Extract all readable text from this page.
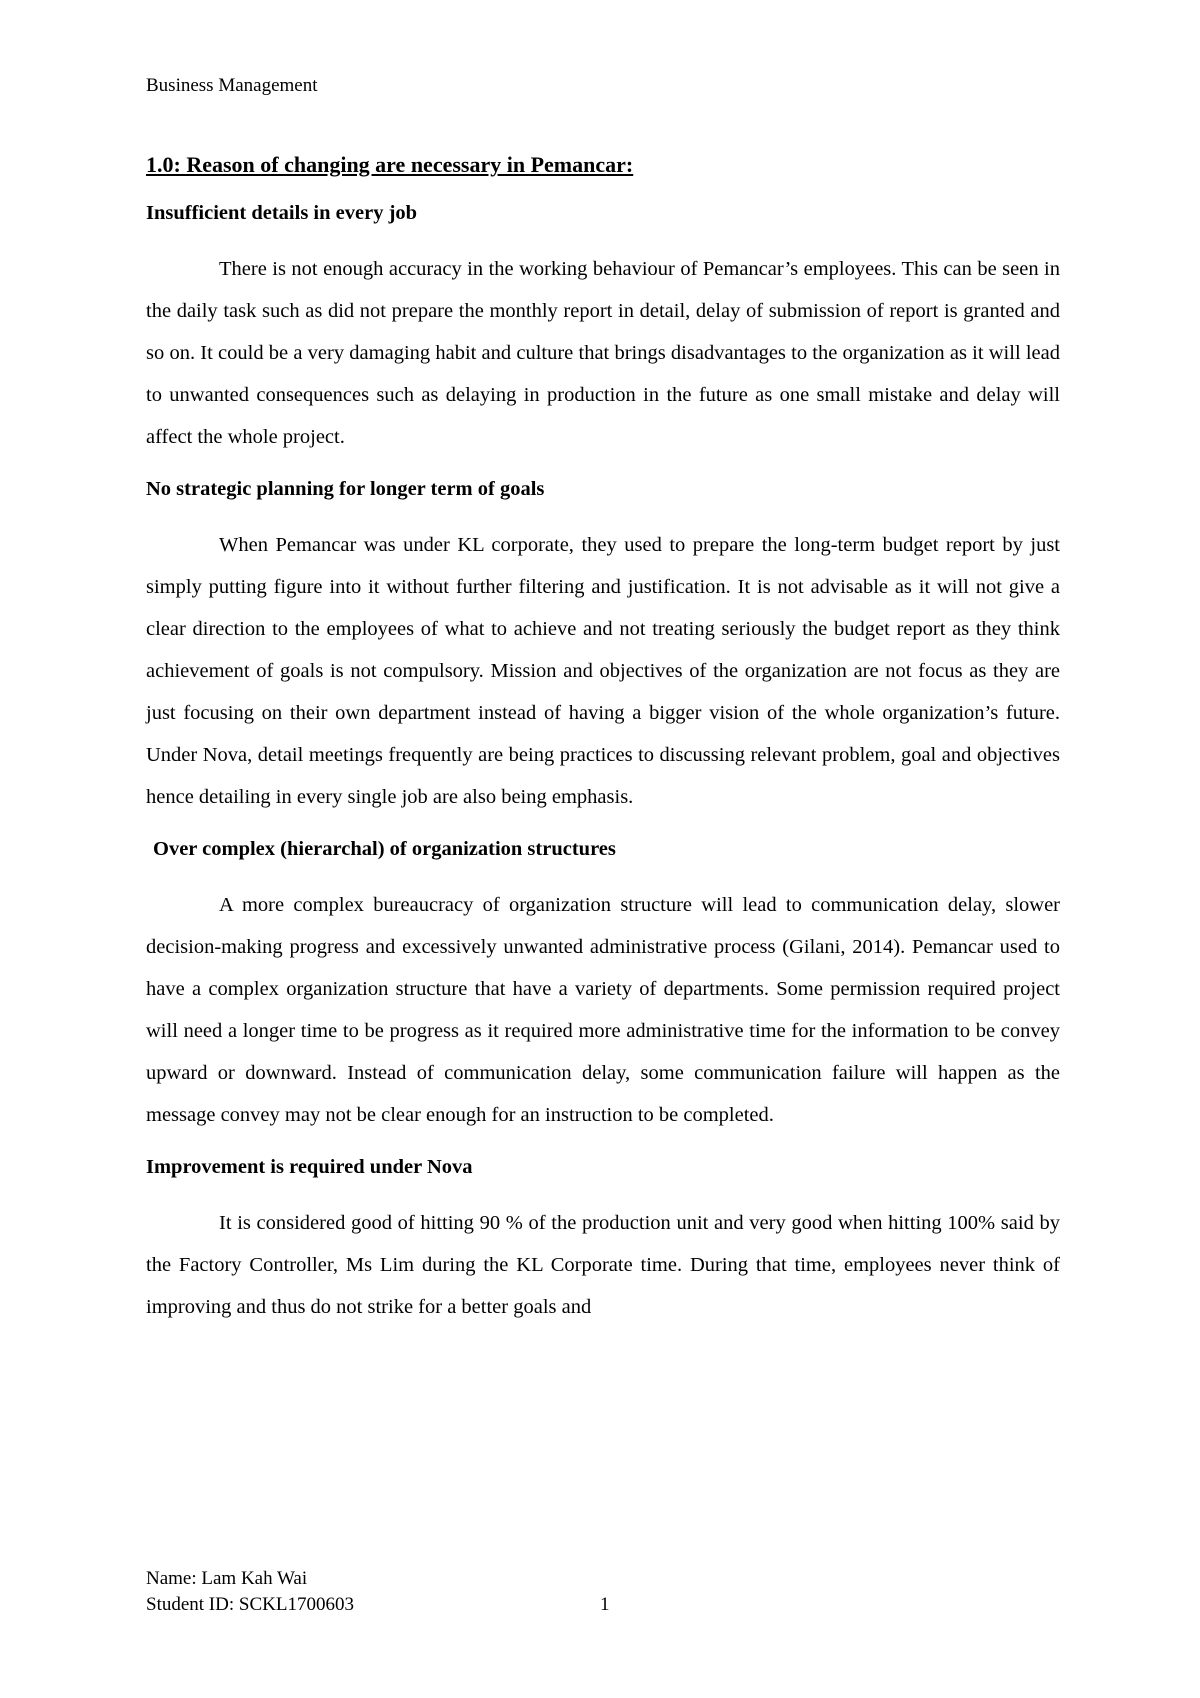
Business Management
1.0: Reason of changing are necessary in Pemancar:
Insufficient details in every job
There is not enough accuracy in the working behaviour of Pemancar’s employees. This can be seen in the daily task such as did not prepare the monthly report in detail, delay of submission of report is granted and so on. It could be a very damaging habit and culture that brings disadvantages to the organization as it will lead to unwanted consequences such as delaying in production in the future as one small mistake and delay will affect the whole project.
No strategic planning for longer term of goals
When Pemancar was under KL corporate, they used to prepare the long-term budget report by just simply putting figure into it without further filtering and justification. It is not advisable as it will not give a clear direction to the employees of what to achieve and not treating seriously the budget report as they think achievement of goals is not compulsory. Mission and objectives of the organization are not focus as they are just focusing on their own department instead of having a bigger vision of the whole organization’s future. Under Nova, detail meetings frequently are being practices to discussing relevant problem, goal and objectives hence detailing in every single job are also being emphasis.
Over complex (hierarchal) of organization structures
A more complex bureaucracy of organization structure will lead to communication delay, slower decision-making progress and excessively unwanted administrative process (Gilani, 2014). Pemancar used to have a complex organization structure that have a variety of departments. Some permission required project will need a longer time to be progress as it required more administrative time for the information to be convey upward or downward. Instead of communication delay, some communication failure will happen as the message convey may not be clear enough for an instruction to be completed.
Improvement is required under Nova
It is considered good of hitting 90 % of the production unit and very good when hitting 100% said by the Factory Controller, Ms Lim during the KL Corporate time. During that time, employees never think of improving and thus do not strike for a better goals and
Name: Lam Kah Wai
Student ID: SCKL1700603	1
